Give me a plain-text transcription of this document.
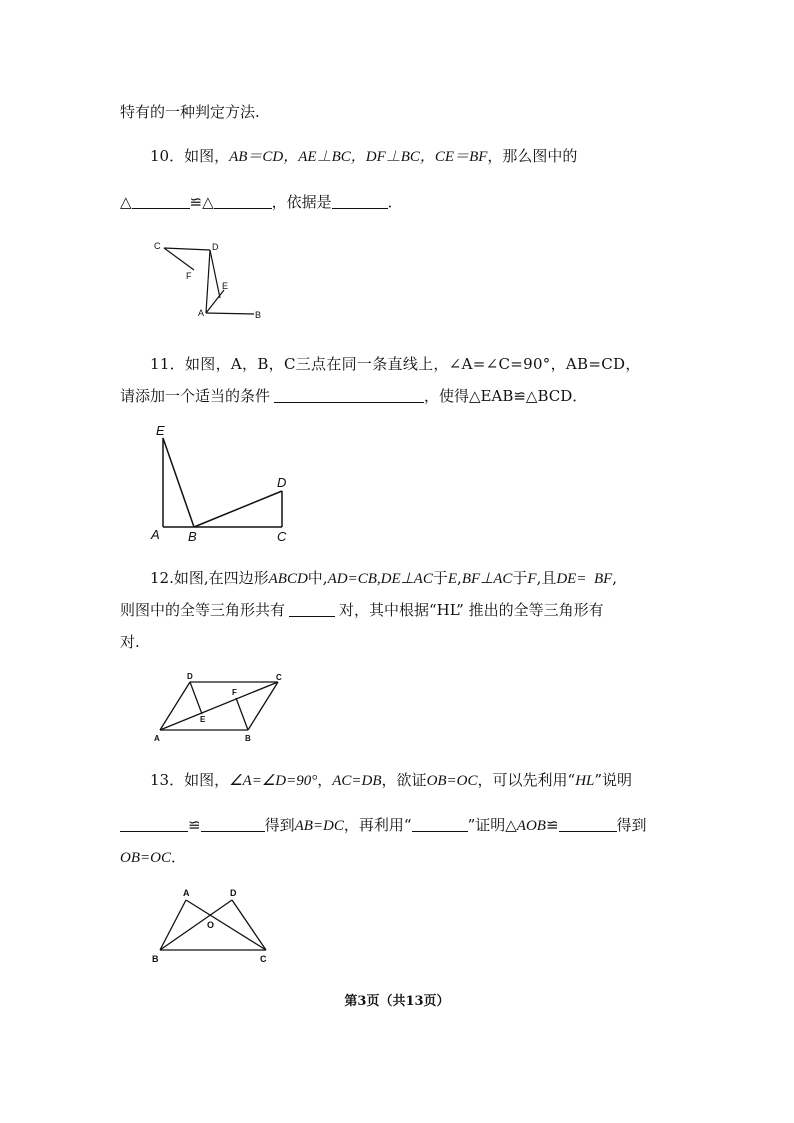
特有的一种判定方法.
10．如图，AB＝CD，AE⊥BC，DF⊥BC，CE＝BF，那么图中的
△	≌△	，依据是	．
C	D
F
E
A	B
11．如图，A，B，C三点在同一条直线上，∠A=∠C=90°，AB=CD，
请添加一个适当的条件	，使得△EAB≌△BCD．
E
D
A B	C
12.如图,在四边形ABCD中,AD=CB,DE⊥AC于E,BF⊥AC于F,且DE=  BF,
则图中的全等三角形共有	对，其中根据“HL” 推出的全等三角形有
对.
D	C
F
E
A	B
13．如图，∠A=∠D=90°，AC=DB，欲证OB=OC，可以先利用“HL”说明
≌	得到AB=DC，再利用“	”证明△AOB≌	得到
OB=OC．
A	D
O
B	C
第3页（共13页）
